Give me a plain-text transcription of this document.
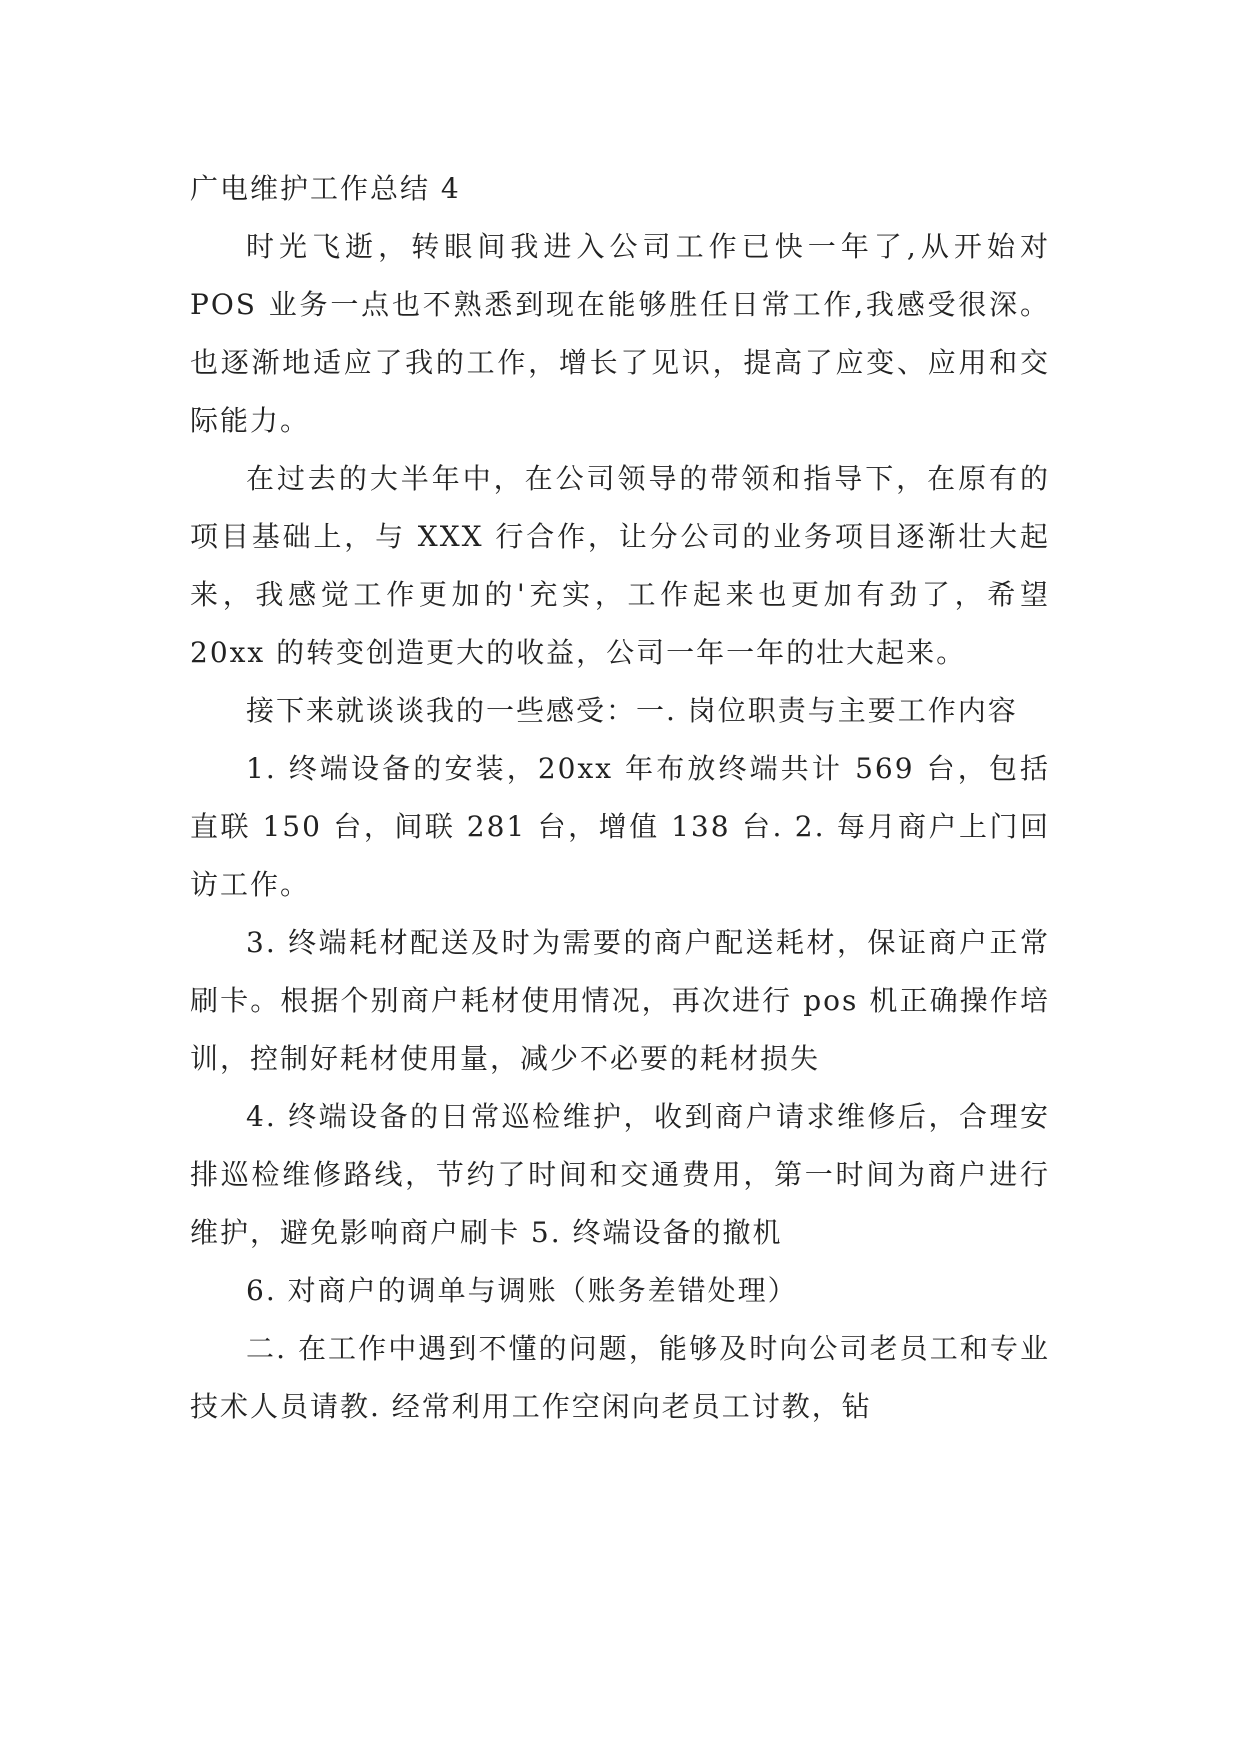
广电维护工作总结 4

时光飞逝，转眼间我进入公司工作已快一年了,从开始对 POS 业务一点也不熟悉到现在能够胜任日常工作,我感受很深。也逐渐地适应了我的工作，增长了见识，提高了应变、应用和交际能力。

在过去的大半年中，在公司领导的带领和指导下，在原有的项目基础上，与 XXX 行合作，让分公司的业务项目逐渐壮大起来，我感觉工作更加的'充实，工作起来也更加有劲了，希望 20xx 的转变创造更大的收益，公司一年一年的壮大起来。

接下来就谈谈我的一些感受：一. 岗位职责与主要工作内容

1. 终端设备的安装，20xx 年布放终端共计 569 台，包括直联 150 台，间联 281 台，增值 138 台. 2. 每月商户上门回访工作。

3. 终端耗材配送及时为需要的商户配送耗材，保证商户正常刷卡。根据个别商户耗材使用情况，再次进行 pos 机正确操作培训，控制好耗材使用量，减少不必要的耗材损失

4. 终端设备的日常巡检维护，收到商户请求维修后，合理安排巡检维修路线，节约了时间和交通费用，第一时间为商户进行维护，避免影响商户刷卡 5. 终端设备的撤机

6. 对商户的调单与调账（账务差错处理）

二. 在工作中遇到不懂的问题，能够及时向公司老员工和专业技术人员请教. 经常利用工作空闲向老员工讨教，钻
